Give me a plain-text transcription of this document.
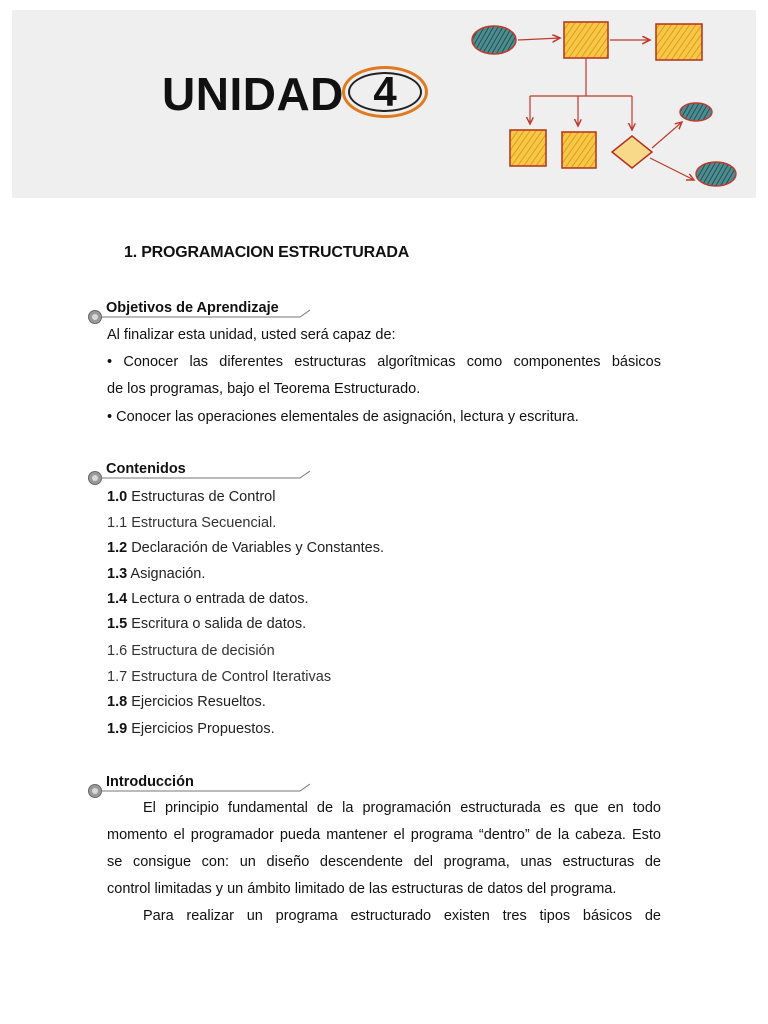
UNIDAD 4
1. PROGRAMACION ESTRUCTURADA
Objetivos de Aprendizaje
Al finalizar esta unidad, usted será capaz de:
• Conocer las diferentes estructuras algorîtmicas como componentes básicos
de los programas, bajo el Teorema Estructurado.
• Conocer las operaciones elementales de asignación, lectura y escritura.
Contenidos
1.0 Estructuras de Control
1.1 Estructura Secuencial.
1.2 Declaración de Variables y Constantes.
1.3 Asignación.
1.4 Lectura o entrada de datos.
1.5 Escritura o salida de datos.
1.6 Estructura de decisión
1.7 Estructura de Control Iterativas
1.8 Ejercicios Resueltos.
1.9 Ejercicios Propuestos.
Introducción
El principio fundamental de la programación estructurada es que en todo
momento el programador pueda mantener el programa “dentro” de la cabeza. Esto
se consigue con: un diseño descendente del programa, unas estructuras de
control limitadas y un ámbito limitado de las estructuras de datos del programa.
Para realizar un programa estructurado existen tres tipos básicos de
